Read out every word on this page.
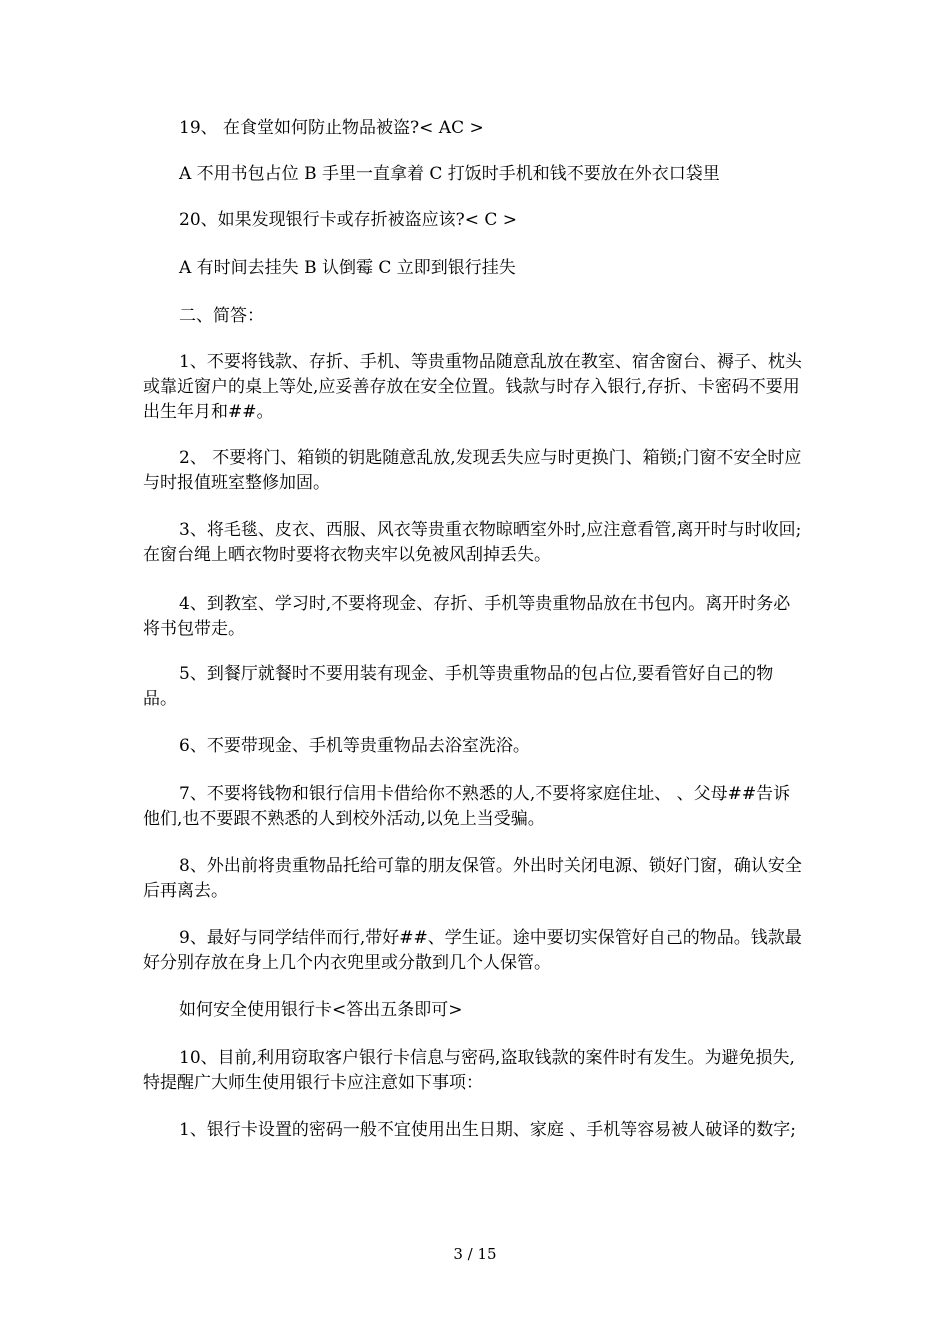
19、 在食堂如何防止物品被盗?< AC >

A 不用书包占位 B 手里一直拿着 C 打饭时手机和钱不要放在外衣口袋里

20、如果发现银行卡或存折被盗应该?< C >

A 有时间去挂失 B 认倒霉 C 立即到银行挂失

二、简答：

1、不要将钱款、存折、手机、等贵重物品随意乱放在教室、宿舍窗台、褥子、枕头或靠近窗户的桌上等处,应妥善存放在安全位置。钱款与时存入银行,存折、卡密码不要用出生年月和##。

2、 不要将门、箱锁的钥匙随意乱放,发现丢失应与时更换门、箱锁;门窗不安全时应与时报值班室整修加固。

3、将毛毯、皮衣、西服、风衣等贵重衣物晾晒室外时,应注意看管,离开时与时收回;在窗台绳上晒衣物时要将衣物夹牢以免被风刮掉丢失。

4、到教室、学习时,不要将现金、存折、手机等贵重物品放在书包内。离开时务必将书包带走。

5、到餐厅就餐时不要用装有现金、手机等贵重物品的包占位,要看管好自己的物品。

6、不要带现金、手机等贵重物品去浴室洗浴。

7、不要将钱物和银行信用卡借给你不熟悉的人,不要将家庭住址、 、父母##告诉他们,也不要跟不熟悉的人到校外活动,以免上当受骗。

8、外出前将贵重物品托给可靠的朋友保管。外出时关闭电源、锁好门窗，确认安全后再离去。

9、最好与同学结伴而行,带好##、学生证。途中要切实保管好自己的物品。钱款最好分别存放在身上几个内衣兜里或分散到几个人保管。

如何安全使用银行卡<答出五条即可>

10、目前,利用窃取客户银行卡信息与密码,盗取钱款的案件时有发生。为避免损失,特提醒广大师生使用银行卡应注意如下事项：

1、银行卡设置的密码一般不宜使用出生日期、家庭 、手机等容易被人破译的数字;

3 / 15
